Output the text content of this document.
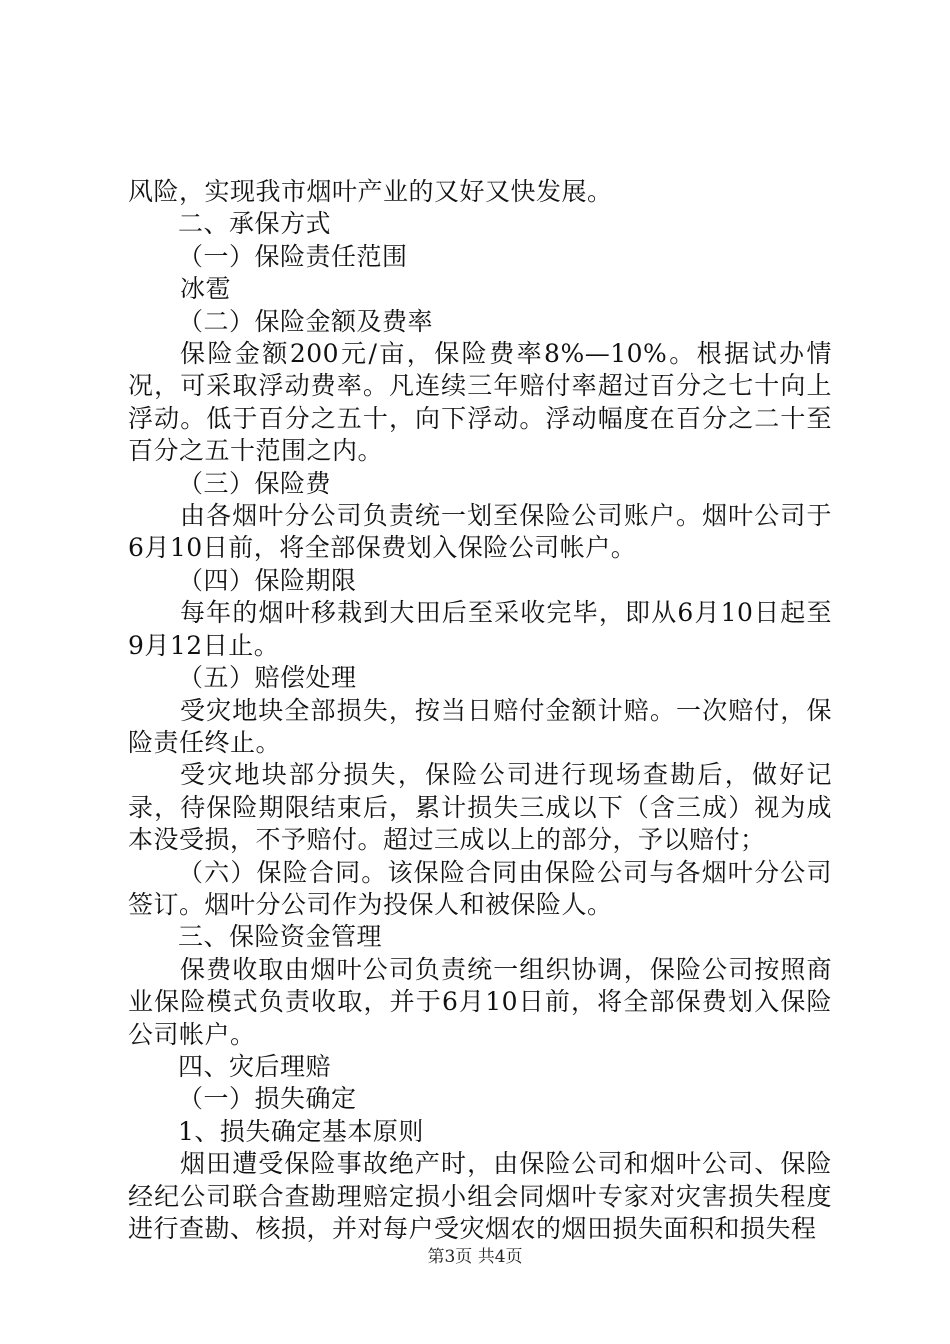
风险，实现我市烟叶产业的又好又快发展。

二、承保方式

（一）保险责任范围

冰雹

（二）保险金额及费率

保险金额200元/亩，保险费率8%—10%。根据试办情况，可采取浮动费率。凡连续三年赔付率超过百分之七十向上浮动。低于百分之五十，向下浮动。浮动幅度在百分之二十至百分之五十范围之内。

（三）保险费

由各烟叶分公司负责统一划至保险公司账户。烟叶公司于6月10日前，将全部保费划入保险公司帐户。

（四）保险期限

每年的烟叶移栽到大田后至采收完毕，即从6月10日起至9月12日止。

（五）赔偿处理

受灾地块全部损失，按当日赔付金额计赔。一次赔付，保险责任终止。

受灾地块部分损失，保险公司进行现场查勘后，做好记录，待保险期限结束后，累计损失三成以下（含三成）视为成本没受损，不予赔付。超过三成以上的部分，予以赔付；

（六）保险合同。该保险合同由保险公司与各烟叶分公司签订。烟叶分公司作为投保人和被保险人。

三、保险资金管理

保费收取由烟叶公司负责统一组织协调，保险公司按照商业保险模式负责收取，并于6月10日前，将全部保费划入保险公司帐户。

四、灾后理赔

（一）损失确定

1、损失确定基本原则

烟田遭受保险事故绝产时，由保险公司和烟叶公司、保险经纪公司联合查勘理赔定损小组会同烟叶专家对灾害损失程度进行查勘、核损，并对每户受灾烟农的烟田损失面积和损失程

第3页 共4页
